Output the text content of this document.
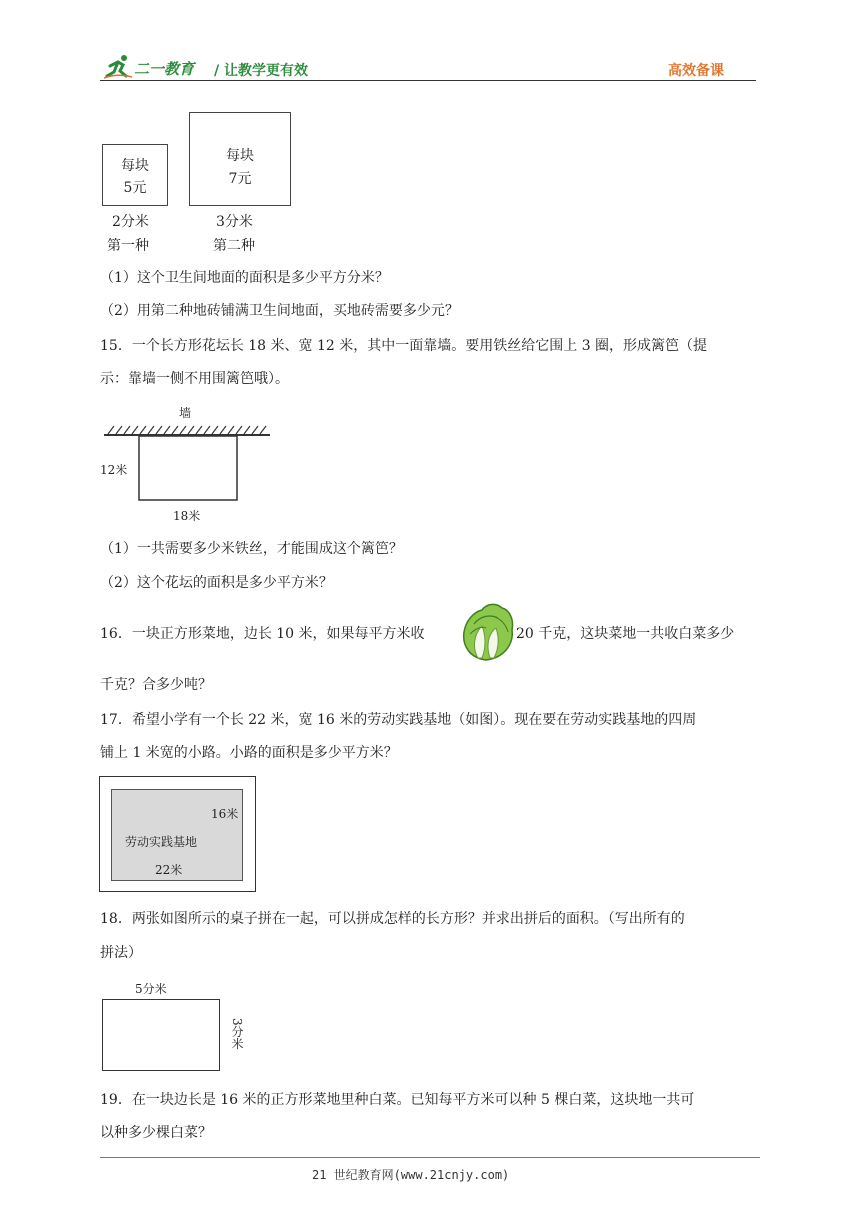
二一教育 / 让教学更有效	高效备课
每块
5元
每块
7元
2分米
第一种
3分米
第二种
（1）这个卫生间地面的面积是多少平方分米？
（2）用第二种地砖铺满卫生间地面，买地砖需要多少元？
15．一个长方形花坛长 18 米、宽 12 米，其中一面靠墙。要用铁丝给它围上 3 圈，形成篱笆（提
示：靠墙一侧不用围篱笆哦）。
墙
12米
18米
（1）一共需要多少米铁丝，才能围成这个篱笆？
（2）这个花坛的面积是多少平方米？
16．一块正方形菜地，边长 10 米，如果每平方米收	20 千克，这块菜地一共收白菜多少
千克？合多少吨？
17．希望小学有一个长 22 米，宽 16 米的劳动实践基地（如图）。现在要在劳动实践基地的四周
铺上 1 米宽的小路。小路的面积是多少平方米？
16米
劳动实践基地
22米
18．两张如图所示的桌子拼在一起，可以拼成怎样的长方形？并求出拼后的面积。（写出所有的
拼法）
5分米
3分米
19．在一块边长是 16 米的正方形菜地里种白菜。已知每平方米可以种 5 棵白菜，这块地一共可
以种多少棵白菜？
21 世纪教育网(www.21cnjy.com)
